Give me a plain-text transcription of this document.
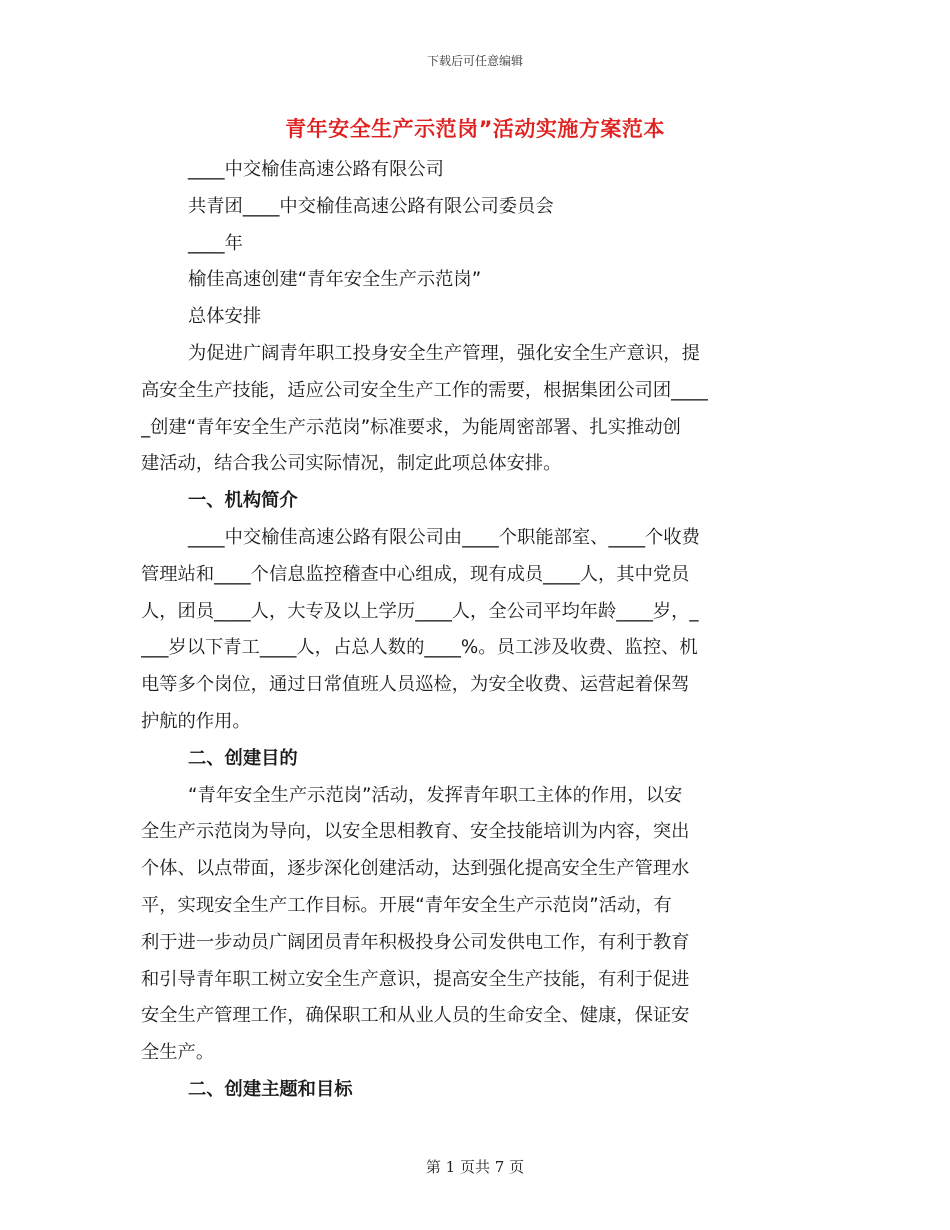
下载后可任意编辑
青年安全生产示范岗”活动实施方案范本

____中交榆佳高速公路有限公司

共青团____中交榆佳高速公路有限公司委员会

____年

榆佳高速创建“青年安全生产示范岗”

总体安排

为促进广阔青年职工投身安全生产管理，强化安全生产意识，提

高安全生产技能，适应公司安全生产工作的需要，根据集团公司团____

_创建“青年安全生产示范岗”标准要求，为能周密部署、扎实推动创

建活动，结合我公司实际情况，制定此项总体安排。

一、机构简介

____中交榆佳高速公路有限公司由____个职能部室、____个收费

管理站和____个信息监控稽查中心组成，现有成员____人，其中党员

人，团员____人，大专及以上学历____人，全公司平均年龄____岁，_

___岁以下青工____人，占总人数的____%。员工涉及收费、监控、机

电等多个岗位，通过日常值班人员巡检，为安全收费、运营起着保驾

护航的作用。

二、创建目的

“青年安全生产示范岗”活动，发挥青年职工主体的作用，以安

全生产示范岗为导向，以安全思相教育、安全技能培训为内容，突出

个体、以点带面，逐步深化创建活动，达到强化提高安全生产管理水

平，实现安全生产工作目标。开展“青年安全生产示范岗”活动，有

利于进一步动员广阔团员青年积极投身公司发供电工作，有利于教育

和引导青年职工树立安全生产意识，提高安全生产技能，有利于促进

安全生产管理工作，确保职工和从业人员的生命安全、健康，保证安

全生产。

二、创建主题和目标

第 1 页共 7 页
